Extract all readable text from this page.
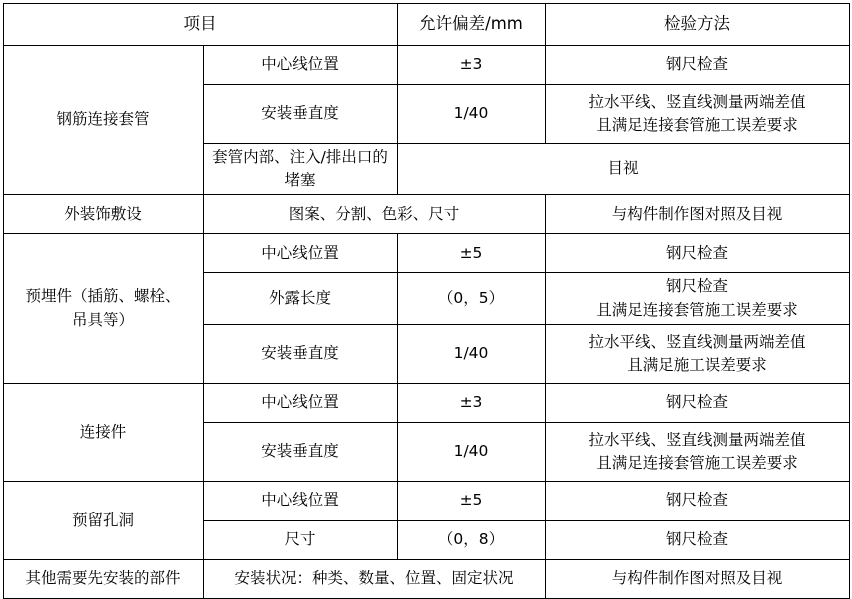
项目		允许偏差/mm	检验方法
钢筋连接套管	中心线位置	±3	钢尺检查
	安装垂直度	1/40	拉水平线、竖直线测量两端差值
且满足连接套管施工误差要求

	套管内部、注入/排出口的堵塞	目视	
外装饰敷设	图案、分割、色彩、尺寸		与构件制作图对照及目视

预埋件（插筋、螺栓、
吊具等）	中心线位置	±5	钢尺检查
	外露长度	（0，5）	钢尺检查
且满足连接套管施工误差要求

	安装垂直度	1/40	拉水平线、竖直线测量两端差值
且满足施工误差要求

连接件	中心线位置	±3	钢尺检查
	安装垂直度	1/40	拉水平线、竖直线测量两端差值
且满足连接套管施工误差要求

预留孔洞	中心线位置	±5	钢尺检查
	尺寸	（0，8）	钢尺检查
其他需要先安装的部件	安装状况：种类、数量、位置、固定状况		与构件制作图对照及目视
